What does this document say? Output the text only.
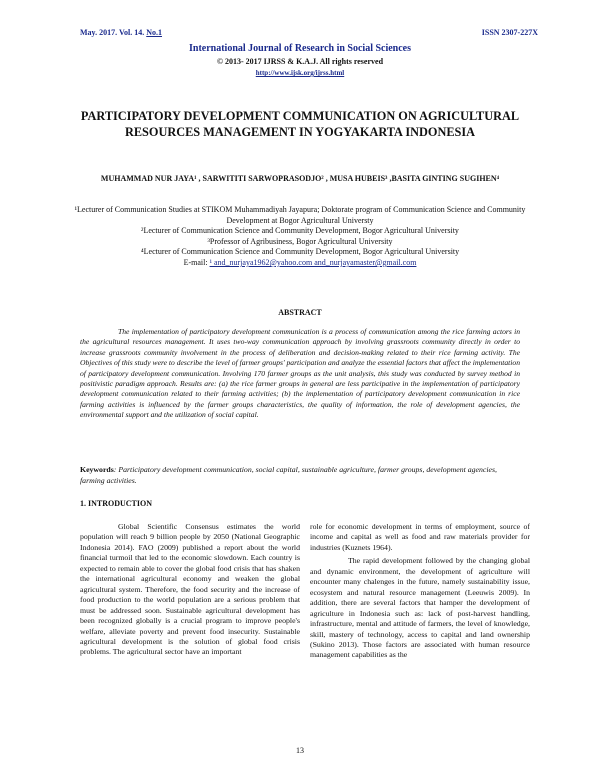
May. 2017. Vol. 14. No.1	ISSN 2307-227X
International Journal of Research in Social Sciences
© 2013- 2017 IJRSS & K.A.J. All rights reserved
http://www.ijsk.org/ijrss.html
PARTICIPATORY DEVELOPMENT COMMUNICATION ON AGRICULTURAL RESOURCES MANAGEMENT IN YOGYAKARTA INDONESIA
MUHAMMAD NUR JAYA¹ , SARWITITI SARWOPRASODJO² , MUSA HUBEIS³ ,BASITA GINTING SUGIHEN⁴
¹Lecturer of Communication Studies at STIKOM Muhammadiyah Jayapura; Doktorate program of Communication Science and Community Development at Bogor Agricultural Universty
²Lecturer of Communication Science and Community Development, Bogor Agricultural University
³Professor of Agribusiness, Bogor Agricultural University
⁴Lecturer of Communication Science and Community Development, Bogor Agricultural University
E-mail: ¹ and_nurjaya1962@yahoo.com and_nurjayamaster@gmail.com
ABSTRACT
The implementation of participatory development communication is a process of communication among the rice farming actors in the agricultural resources management. It uses two-way communication approach by involving grassroots community directly in order to increase grassroots community involvement in the process of deliberation and decision-making related to their rice farming activity. The Objectives of this study were to describe the level of farmer groups' participation and analyze the essential factors that affect the implementation of participatory development communication. Involving 170 farmer groups as the unit analysis, this study was conducted by survey method in positivistic paradigm approach. Results are: (a) the rice farmer groups in general are less participative in the implementation of participatory development communication related to their farming activities; (b) the implementation of participatory development communication in rice farming activities is influenced by the farmer groups characteristics, the quality of information, the role of development agencies, the environmental support and the utilization of social capital.
Keywords: Participatory development communication, social capital, sustainable agriculture, farmer groups, development agencies, farming activities.
1. INTRODUCTION

Global Scientific Consensus estimates the world population will reach 9 billion people by 2050 (National Geographic Indonesia 2014). FAO (2009) published a report about the world financial turmoil that led to the economic slowdown. Each country is expected to remain able to cover the global food crisis that has shaken the international agricultural economy and weaken the global agricultural system. Therefore, the food security and the increase of food production to the world population are a serious problem that must be addressed soon. Sustainable agricultural development has been recognized globally is a crucial program to improve people's welfare, alleviate poverty and prevent food insecurity. Sustainable agricultural development is the solution of global food crisis problems. The agricultural sector have an important

role for economic development in terms of employment, source of income and capital as well as food and raw materials provider for industries (Kuznets 1964).

The rapid development followed by the changing global and dynamic environment, the development of agriculture will encounter many chalenges in the future, namely sustainability issue, ecosystem and natural resource management (Leeuwis 2009). In addition, there are several factors that hamper the development of agriculture in Indonesia such as: lack of post-harvest handling, infrastructure, mental and attitude of farmers, the level of knowledge, skill, mastery of technology, access to capital and land ownership (Sukino 2013). Those factors are associated with human resource management capabilities as the

13
